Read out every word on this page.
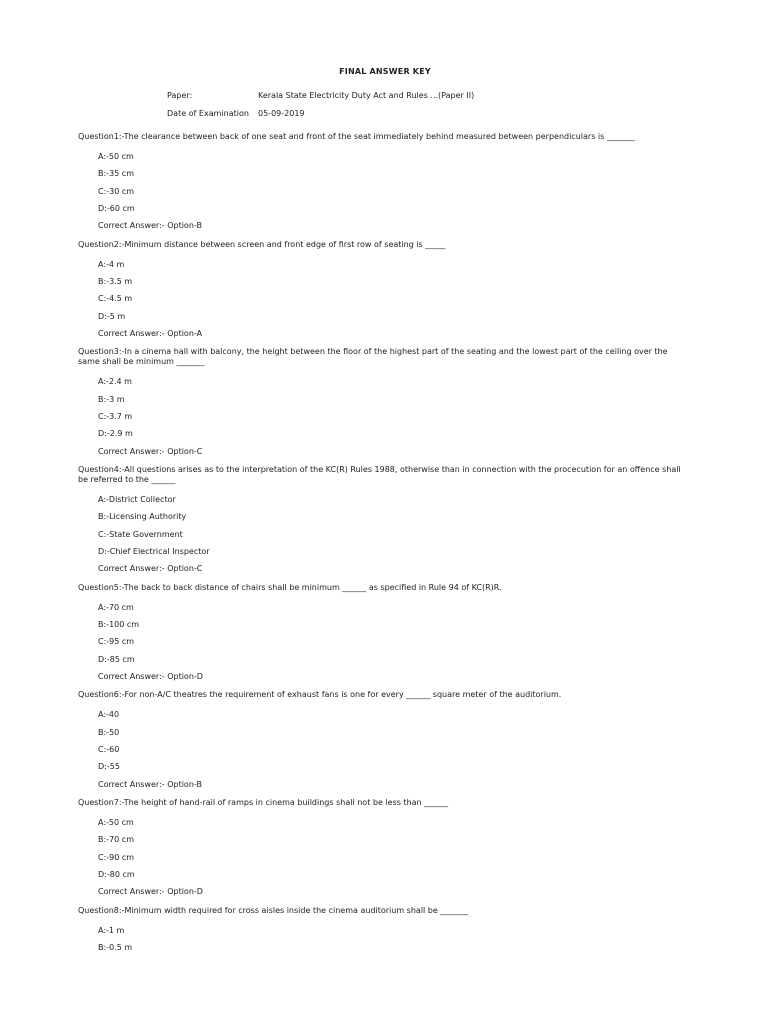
FINAL ANSWER KEY
Paper:	Kerala State Electricity Duty Act and Rules ...(Paper II)
Date of Examination	05-09-2019
Question1:-The clearance between back of one seat and front of the seat immediately behind measured between perpendiculars is _______
A:-50 cm
B:-35 cm
C:-30 cm
D:-60 cm
Correct Answer:- Option-B
Question2:-Minimum distance between screen and front edge of first row of seating is _____
A:-4 m
B:-3.5 m
C:-4.5 m
D:-5 m
Correct Answer:- Option-A
Question3:-In a cinema hall with balcony, the height between the floor of the highest part of the seating and the lowest part of the ceiling over the same shall be minimum _______
A:-2.4 m
B:-3 m
C:-3.7 m
D:-2.9 m
Correct Answer:- Option-C
Question4:-All questions arises as to the interpretation of the KC(R) Rules 1988, otherwise than in connection with the procecution for an offence shall be referred to the ______
A:-District Collector
B:-Licensing Authority
C:-State Government
D:-Chief Electrical Inspector
Correct Answer:- Option-C
Question5:-The back to back distance of chairs shall be minimum ______ as specified in Rule 94 of KC(R)R.
A:-70 cm
B:-100 cm
C:-95 cm
D:-85 cm
Correct Answer:- Option-D
Question6:-For non-A/C theatres the requirement of exhaust fans is one for every ______ square meter of the auditorium.
A:-40
B:-50
C:-60
D:-55
Correct Answer:- Option-B
Question7:-The height of hand-rail of ramps in cinema buildings shall not be less than ______
A:-50 cm
B:-70 cm
C:-90 cm
D:-80 cm
Correct Answer:- Option-D
Question8:-Minimum width required for cross aisles inside the cinema auditorium shall be _______
A:-1 m
B:-0.5 m
